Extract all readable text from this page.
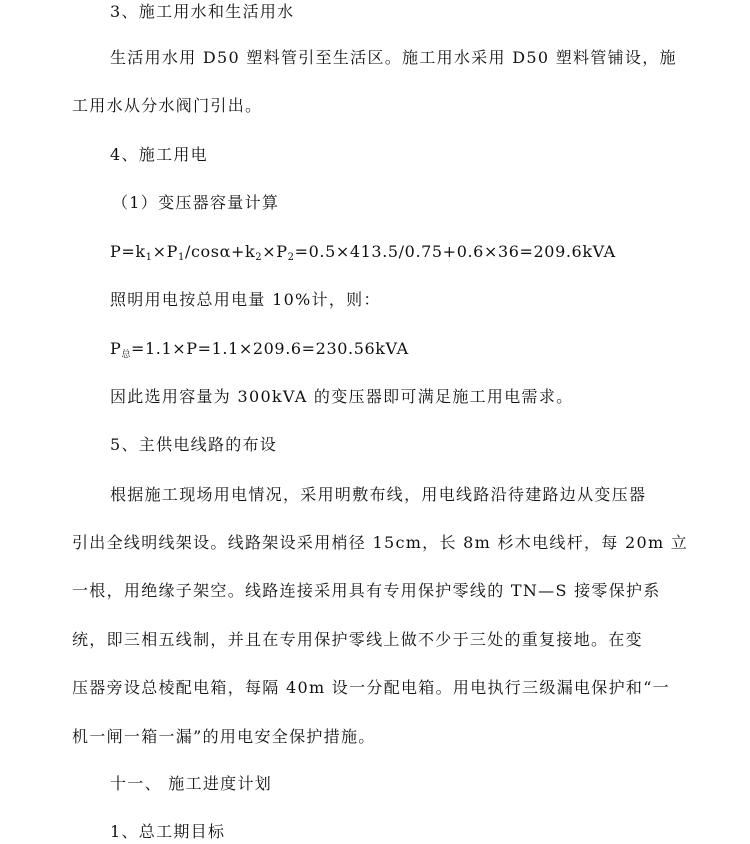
3、施工用水和生活用水
生活用水用 D50 塑料管引至生活区。施工用水采用 D50 塑料管铺设，施
工用水从分水阀门引出。
4、施工用电
（1）变压器容量计算
$P=k_1\times P_1/\cos\alpha+k_2\times P_2=0.5\times 413.5/0.75+0.6\times 36=209.6kVA$
照明用电按总用电量 10%计，则：
$P_总=1.1\times P=1.1\times 209.6=230.56kVA$
因此选用容量为 300kVA 的变压器即可满足施工用电需求。
5、主供电线路的布设
根据施工现场用电情况，采用明敷布线，用电线路沿待建路边从变压器
引出全线明线架设。线路架设采用梢径 15cm，长 8m 杉木电线杆，每 20m 立
一根，用绝缘子架空。线路连接采用具有专用保护零线的 TN—S 接零保护系
统，即三相五线制，并且在专用保护零线上做不少于三处的重复接地。在变
压器旁设总棱配电箱，每隔 40m 设一分配电箱。用电执行三级漏电保护和“一
机一闸一箱一漏”的用电安全保护措施。
十一、 施工进度计划
1、总工期目标
